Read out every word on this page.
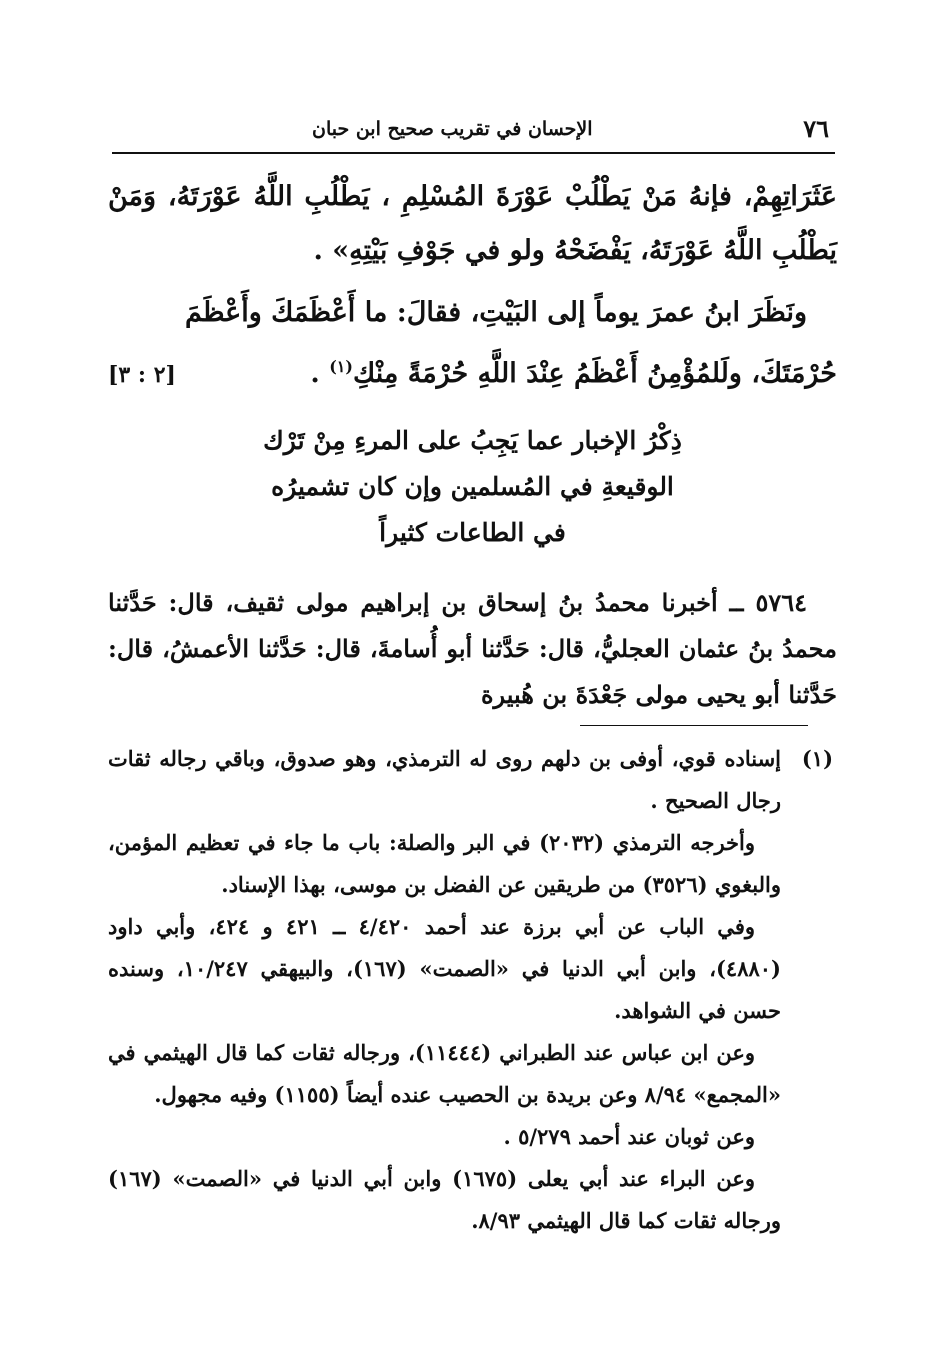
الإحسان في تقريب صحيح ابن حبان	٧٦

عَثَرَاتِهِمْ، فإنهُ مَنْ يَطْلُبْ عَوْرَةَ المُسْلِمِ ، يَطْلُبِ اللَّهُ عَوْرَتَهُ، وَمَنْ يَطْلُبِ اللَّهُ عَوْرَتَهُ، يَفْضَحْهُ ولو في جَوْفِ بَيْتِهِ» .

ونَظَرَ ابنُ عمرَ يوماً إلى البَيْتِ، فقالَ: ما أَعْظَمَكَ وأَعْظَمَ

حُرْمَتَكَ، ولَلمُؤْمِنُ أَعْظَمُ عِنْدَ اللَّهِ حُرْمَةً مِنْكِ$^{(١)}$ .
[٢ : ٣]
ذِكْرُ الإخبار عما يَجِبُ على المرءِ مِنْ تَرْك
الوقيعةِ في المُسلمين وإن كان تشميرُه
في الطاعات كثيراً

٥٧٦٤ ــ أخبرنا محمدُ بنُ إسحاق بن إبراهيم مولى ثقيف، قال: حَدَّثنا محمدُ بنُ عثمان العجليُّ، قال: حَدَّثنا أبو أُسامةَ، قال: حَدَّثنا الأعمشُ، قال: حَدَّثنا أبو يحيى مولى جَعْدَةَ بن هُبيرة

(١)

إسناده قوي، أوفى بن دلهم روى له الترمذي، وهو صدوق، وباقي رجاله ثقات رجال الصحيح .

وأخرجه الترمذي (٢٠٣٢) في البر والصلة: باب ما جاء في تعظيم المؤمن، والبغوي (٣٥٢٦) من طريقين عن الفضل بن موسى، بهذا الإسناد.

وفي الباب عن أبي برزة عند أحمد ٤/٤٢٠ ــ ٤٢١ و ٤٢٤، وأبي داود (٤٨٨٠)، وابن أبي الدنيا في «الصمت» (١٦٧)، والبيهقي ١٠/٢٤٧، وسنده حسن في الشواهد.

وعن ابن عباس عند الطبراني (١١٤٤٤)، ورجاله ثقات كما قال الهيثمي في «المجمع» ٨/٩٤ وعن بريدة بن الحصيب عنده أيضاً (١١٥٥) وفيه مجهول.

وعن ثوبان عند أحمد ٥/٢٧٩ .

وعن البراء عند أبي يعلى (١٦٧٥) وابن أبي الدنيا في «الصمت» (١٦٧) ورجاله ثقات كما قال الهيثمي ٨/٩٣.
